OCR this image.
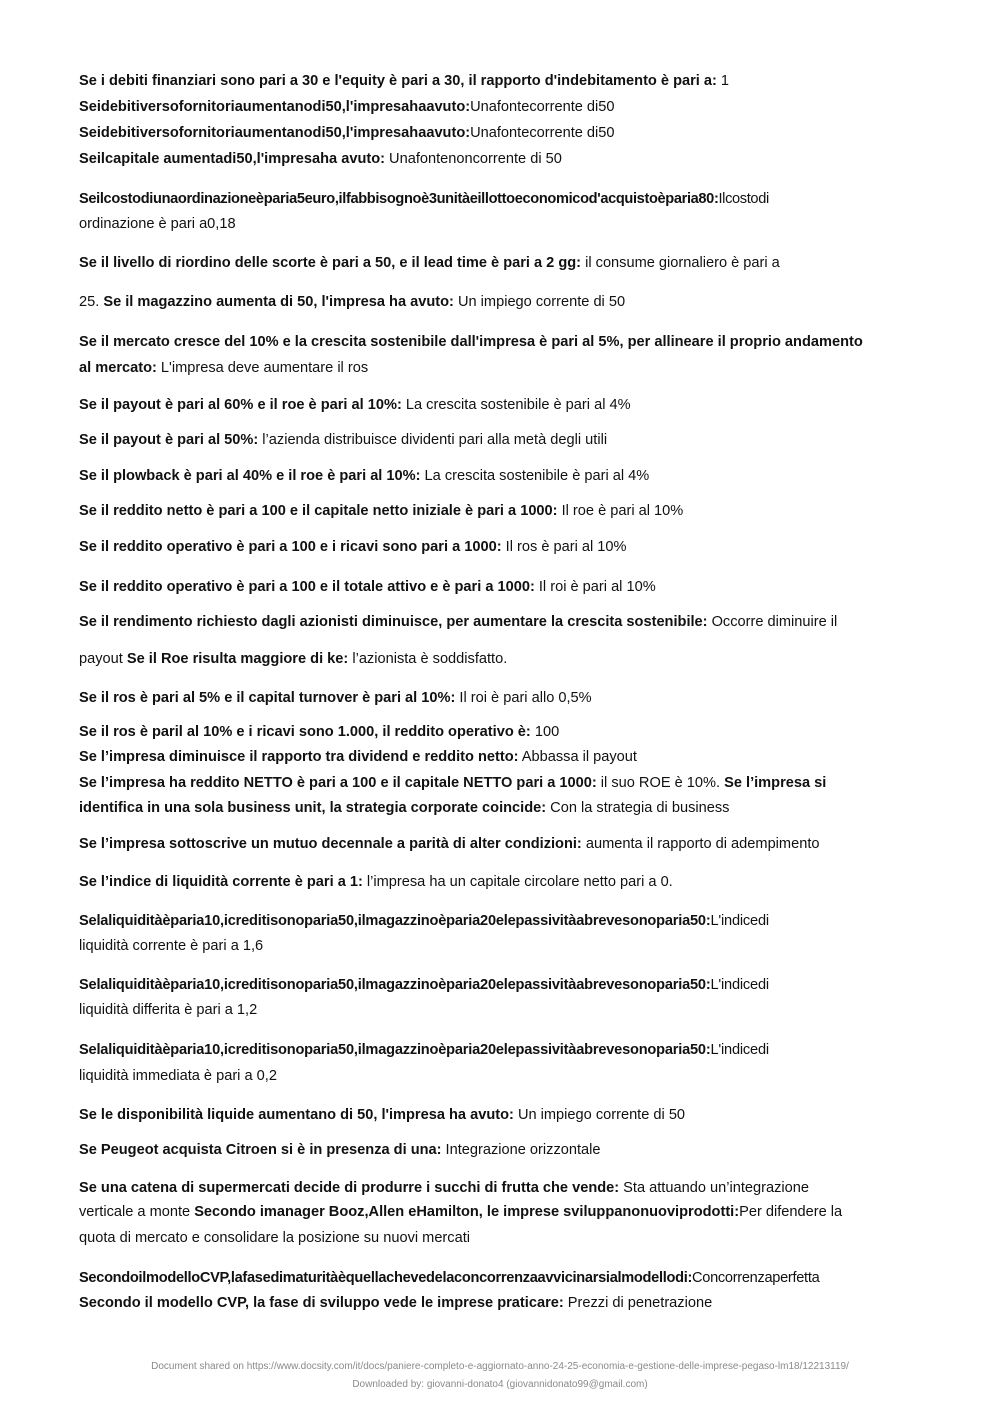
Se i debiti finanziari sono pari a 30 e l'equity è pari a 30, il rapporto d'indebitamento è pari a: 1
Seidebitiversofornitoriaumentanodi50,l'impresahaavuto:Unafontecorrente di50
Seidebitiversofornitoriaumentanodi50,l'impresahaavuto:Unafontecorrente di50
Seilcapitale aumentadi50,l'impresaha avuto: Unafontenoncorrente di 50
Seilcostodiunaordinazioneèparia5euro,ilfabbisognoè3unitàeillottoeconomicod'acquistoèparia80:Ilcostodi
ordinazione è pari a0,18
Se il livello di riordino delle scorte è pari a 50, e il lead time è pari a 2 gg: il consume giornaliero è pari a
25. Se il magazzino aumenta di 50, l'impresa ha avuto: Un impiego corrente di 50
Se il mercato cresce del 10% e la crescita sostenibile dall'impresa è pari al 5%, per allineare il proprio andamento
al mercato: L'impresa deve aumentare il ros
Se il payout è pari al 60% e il roe è pari al 10%: La crescita sostenibile è pari al 4%
Se il payout è pari al 50%: l’azienda distribuisce dividenti pari alla metà degli utili
Se il plowback è pari al 40% e il roe è pari al 10%: La crescita sostenibile è pari al 4%
Se il reddito netto è pari a 100 e il capitale netto iniziale è pari a 1000: Il roe è pari al 10%
Se il reddito operativo è pari a 100 e i ricavi sono pari a 1000: Il ros è pari al 10%
Se il reddito operativo è pari a 100 e il totale attivo e è pari a 1000: Il roi è pari al 10%
Se il rendimento richiesto dagli azionisti diminuisce, per aumentare la crescita sostenibile: Occorre diminuire il
payout Se il Roe risulta maggiore di ke: l’azionista è soddisfatto.
Se il ros è pari al 5% e il capital turnover è pari al 10%: Il roi è pari allo 0,5%
Se il ros è paril al 10% e i ricavi sono 1.000, il reddito operativo è: 100
Se l’impresa diminuisce il rapporto tra dividend e reddito netto: Abbassa il payout
Se l’impresa ha reddito NETTO è pari a 100 e il capitale NETTO pari a 1000: il suo ROE è 10%. Se l’impresa si
identifica in una sola business unit, la strategia corporate coincide: Con la strategia di business
Se l’impresa sottoscrive un mutuo decennale a parità di alter condizioni: aumenta il rapporto di adempimento
Se l’indice di liquidità corrente è pari a 1: l’impresa ha un capitale circolare netto pari a 0.
Selaliquiditàèparia10,icreditisonoparia50,ilmagazzinoèparia20elepassivitàabrevesonoparia50:L'indicedi
liquidità corrente è pari a 1,6
Selaliquiditàèparia10,icreditisonoparia50,ilmagazzinoèparia20elepassivitàabrevesonoparia50:L'indicedi
liquidità differita è pari a 1,2
Selaliquiditàèparia10,icreditisonoparia50,ilmagazzinoèparia20elepassivitàabrevesonoparia50:L'indicedi
liquidità immediata è pari a 0,2
Se le disponibilità liquide aumentano di 50, l'impresa ha avuto: Un impiego corrente di 50
Se Peugeot acquista Citroen si è in presenza di una: Integrazione orizzontale
Se una catena di supermercati decide di produrre i succhi di frutta che vende: Sta attuando un’integrazione
verticale a monte Secondo imanager Booz,Allen eHamilton, le imprese sviluppanonuoviprodotti:Per difendere la
quota di mercato e consolidare la posizione su nuovi mercati
SecondoilmodelloCVP,lafasedimaturitàèquellachevedelaconcorrenzaavvicinarsialmodellodi:Concorrenzaperfetta
Secondo il modello CVP, la fase di sviluppo vede le imprese praticare: Prezzi di penetrazione
Document shared on https://www.docsity.com/it/docs/paniere-completo-e-aggiornato-anno-24-25-economia-e-gestione-delle-imprese-pegaso-lm18/12213119/
Downloaded by: giovanni-donato4 (giovannidonato99@gmail.com)
